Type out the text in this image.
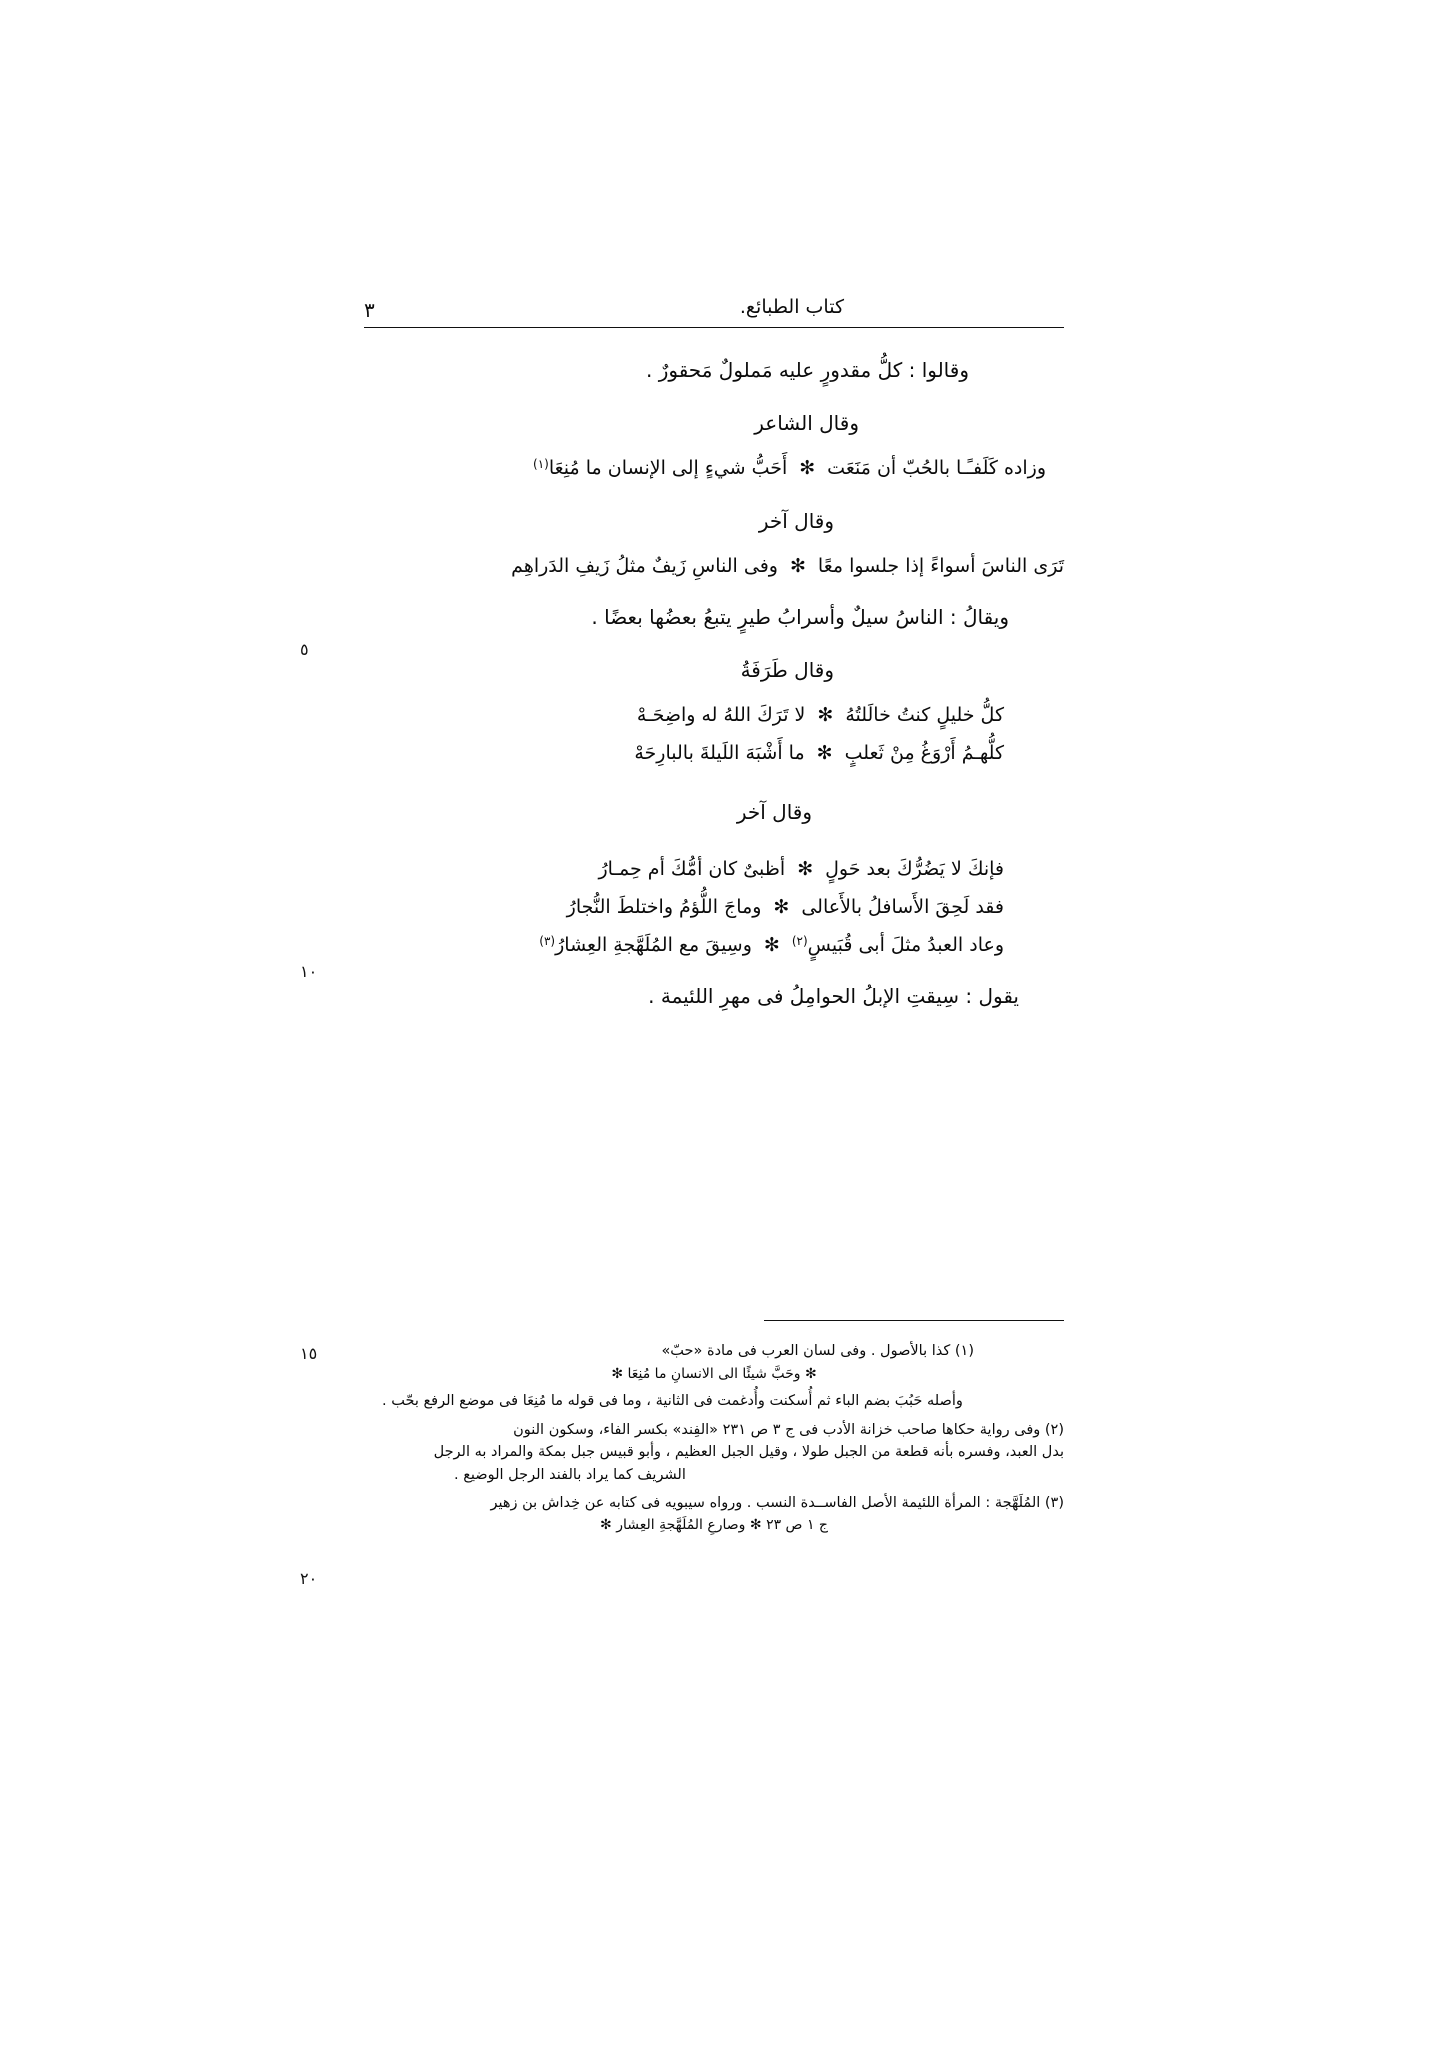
٣	كتاب الطبائع.
٥
١٠
١٥
٢٠
وقالوا : كلُّ مقدورٍ عليه مَملولٌ مَحقورٌ .
وقال الشاعر
وزاده كَلَفـًـا بالحُبّ أن مَنَعَت
✻
أَحَبُّ شيءٍ إلى الإنسان ما مُنِعَا
(١)
وقال آخر
تَرَى الناسَ أسواءً إذا جلسوا معًا
✻
وفى الناسِ زَيفٌ مثلُ زَيفِ الدَراهِم
ويقالُ : الناسُ سيلٌ وأسرابُ طيرٍ يتبعُ بعضُها بعضًا .
وقال طَرَفَةُ
كلُّ خليلٍ كنتُ خالَلتُهُ
✻
لا تَرَكَ اللهُ له واضِحَـهْ
كلُّهـمُ أَرْوَغُ مِنْ ثَعلبٍ
✻
ما أَشْبَهَ اللَيلةَ بالبارِحَهْ
وقال آخر
فإنكَ لا يَضُرُّكَ بعد حَولٍ
✻
أظبىٌ كان أمُّكَ أم حِمـارُ
فقد لَحِقَ الأَسافلُ بالأَعالى
✻
وماجَ اللُّؤمُ واختلطَ النُّجارُ
وعاد العبدُ مثلَ أبى قُبَيسٍ
(٢)
✻
وسِيقَ مع المُلَهَّجةِ العِشارُ
(٣)
يقول : سِيقتِ الإبلُ الحوامِلُ فى مهرِ اللئيمة .
(١) كذا بالأصول . وفى لسان العرب فى مادة «حبّ»
✻ وحَبَّ شيئًا الى الانسانِ ما مُنِعَا ✻
وأصله حَبُبَ بضم الباء ثم أُسكنت وأُدغمت فى الثانية ، وما فى قوله ما مُنِعَا فى موضع الرفع بحّب .
(٢) وفى رواية حكاها صاحب خزانة الأدب فى ج ٣ ص ٢٣١ «الفِند» بكسر الفاء، وسكون النون
بدل العبد، وفسره بأنه قطعة من الجبل طولا ، وقيل الجبل العظيم ، وأبو قبيس جبل بمكة والمراد به الرجل
الشريف كما يراد بالفند الرجل الوضيع .
(٣) المُلَهَّجة : المرأة اللئيمة الأصل الفاســدة النسب . ورواه سيبويه فى كتابه عن خِداش بن زهير
ج ١ ص ٢٣ ✻ وصارعِ المُلَهَّجةِ العِشار ✻
